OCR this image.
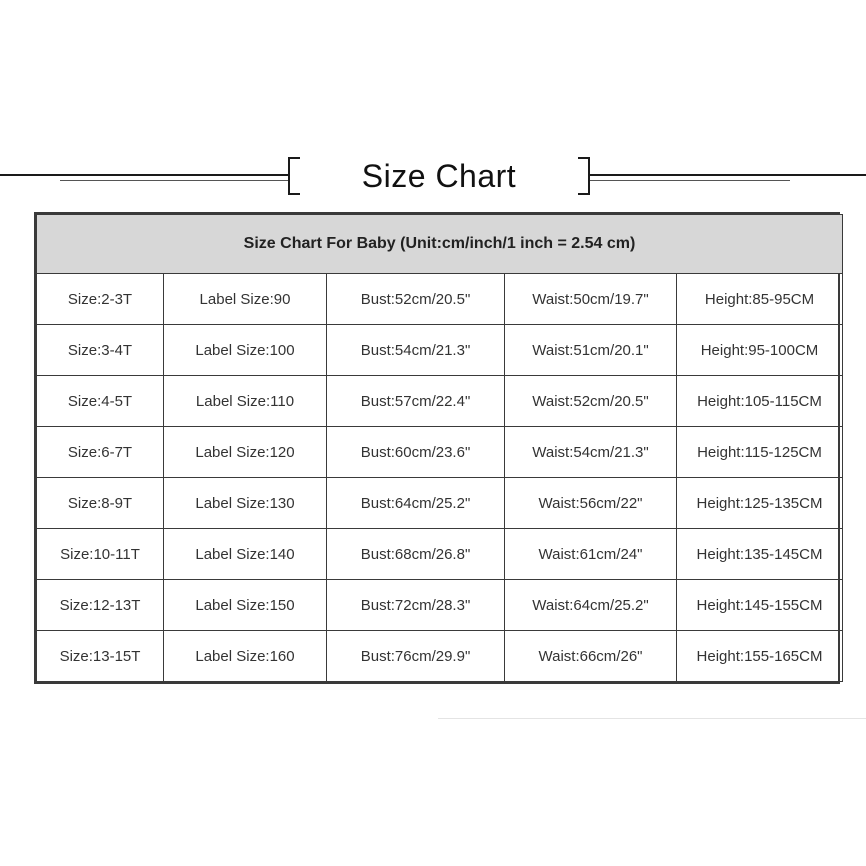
Size Chart
Size Chart For Baby (Unit:cm/inch/1 inch = 2.54 cm)				
Size:2-3T	Label Size:90	Bust:52cm/20.5"	Waist:50cm/19.7"	Height:85-95CM
Size:3-4T	Label Size:100	Bust:54cm/21.3"	Waist:51cm/20.1"	Height:95-100CM
Size:4-5T	Label Size:110	Bust:57cm/22.4"	Waist:52cm/20.5"	Height:105-115CM
Size:6-7T	Label Size:120	Bust:60cm/23.6"	Waist:54cm/21.3"	Height:115-125CM
Size:8-9T	Label Size:130	Bust:64cm/25.2"	Waist:56cm/22"	Height:125-135CM
Size:10-11T	Label Size:140	Bust:68cm/26.8"	Waist:61cm/24"	Height:135-145CM
Size:12-13T	Label Size:150	Bust:72cm/28.3"	Waist:64cm/25.2"	Height:145-155CM
Size:13-15T	Label Size:160	Bust:76cm/29.9"	Waist:66cm/26"	Height:155-165CM
